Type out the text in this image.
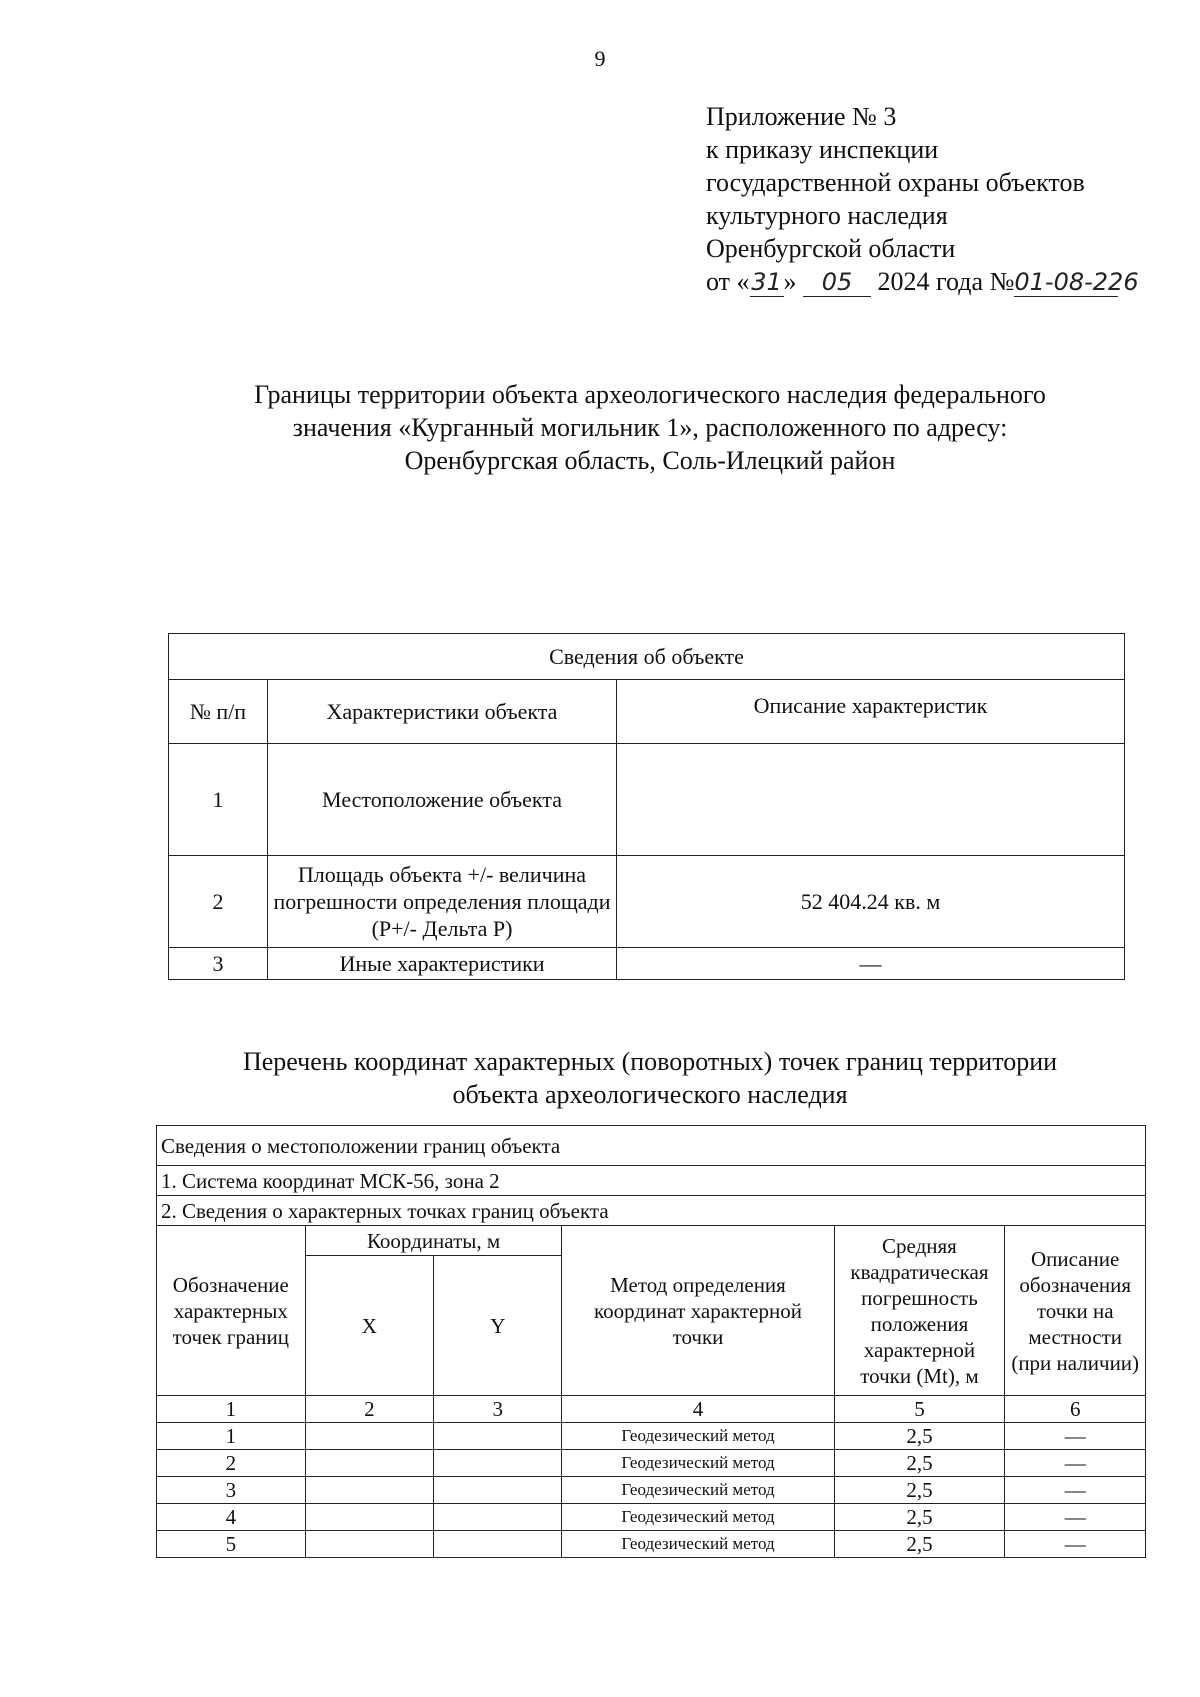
9
Приложение № 3
к приказу инспекции
государственной охраны объектов
культурного наследия
Оренбургской области
от «31» 05 2024 года №01-08-226
Границы территории объекта археологического наследия федерального
значения «Курганный могильник 1», расположенного по адресу:
Оренбургская область, Соль-Илецкий район
Сведения об объекте		
№ п/п	Характеристики объекта	Описание характеристик
1	Местоположение объекта	
2	Площадь объекта +/- величина погрешности определения площади (Р+/- Дельта Р)	52 404.24 кв. м
3	Иные характеристики	—
Перечень координат характерных (поворотных) точек границ территории
объекта археологического наследия
Сведения о местоположении границ объекта					
1. Система координат МСК-56, зона 2					
2. Сведения о характерных точках границ объекта					
Обозначение характерных точек границ	Координаты, м		Метод определения координат характерной точки	Средняя квадратическая погрешность положения характерной точки (Mt), м	Описание обозначения точки на местности (при наличии)
	X	Y			
1	2	3	4	5	6
1			Геодезический метод	2,5	—
2			Геодезический метод	2,5	—
3			Геодезический метод	2,5	—
4			Геодезический метод	2,5	—
5			Геодезический метод	2,5	—
